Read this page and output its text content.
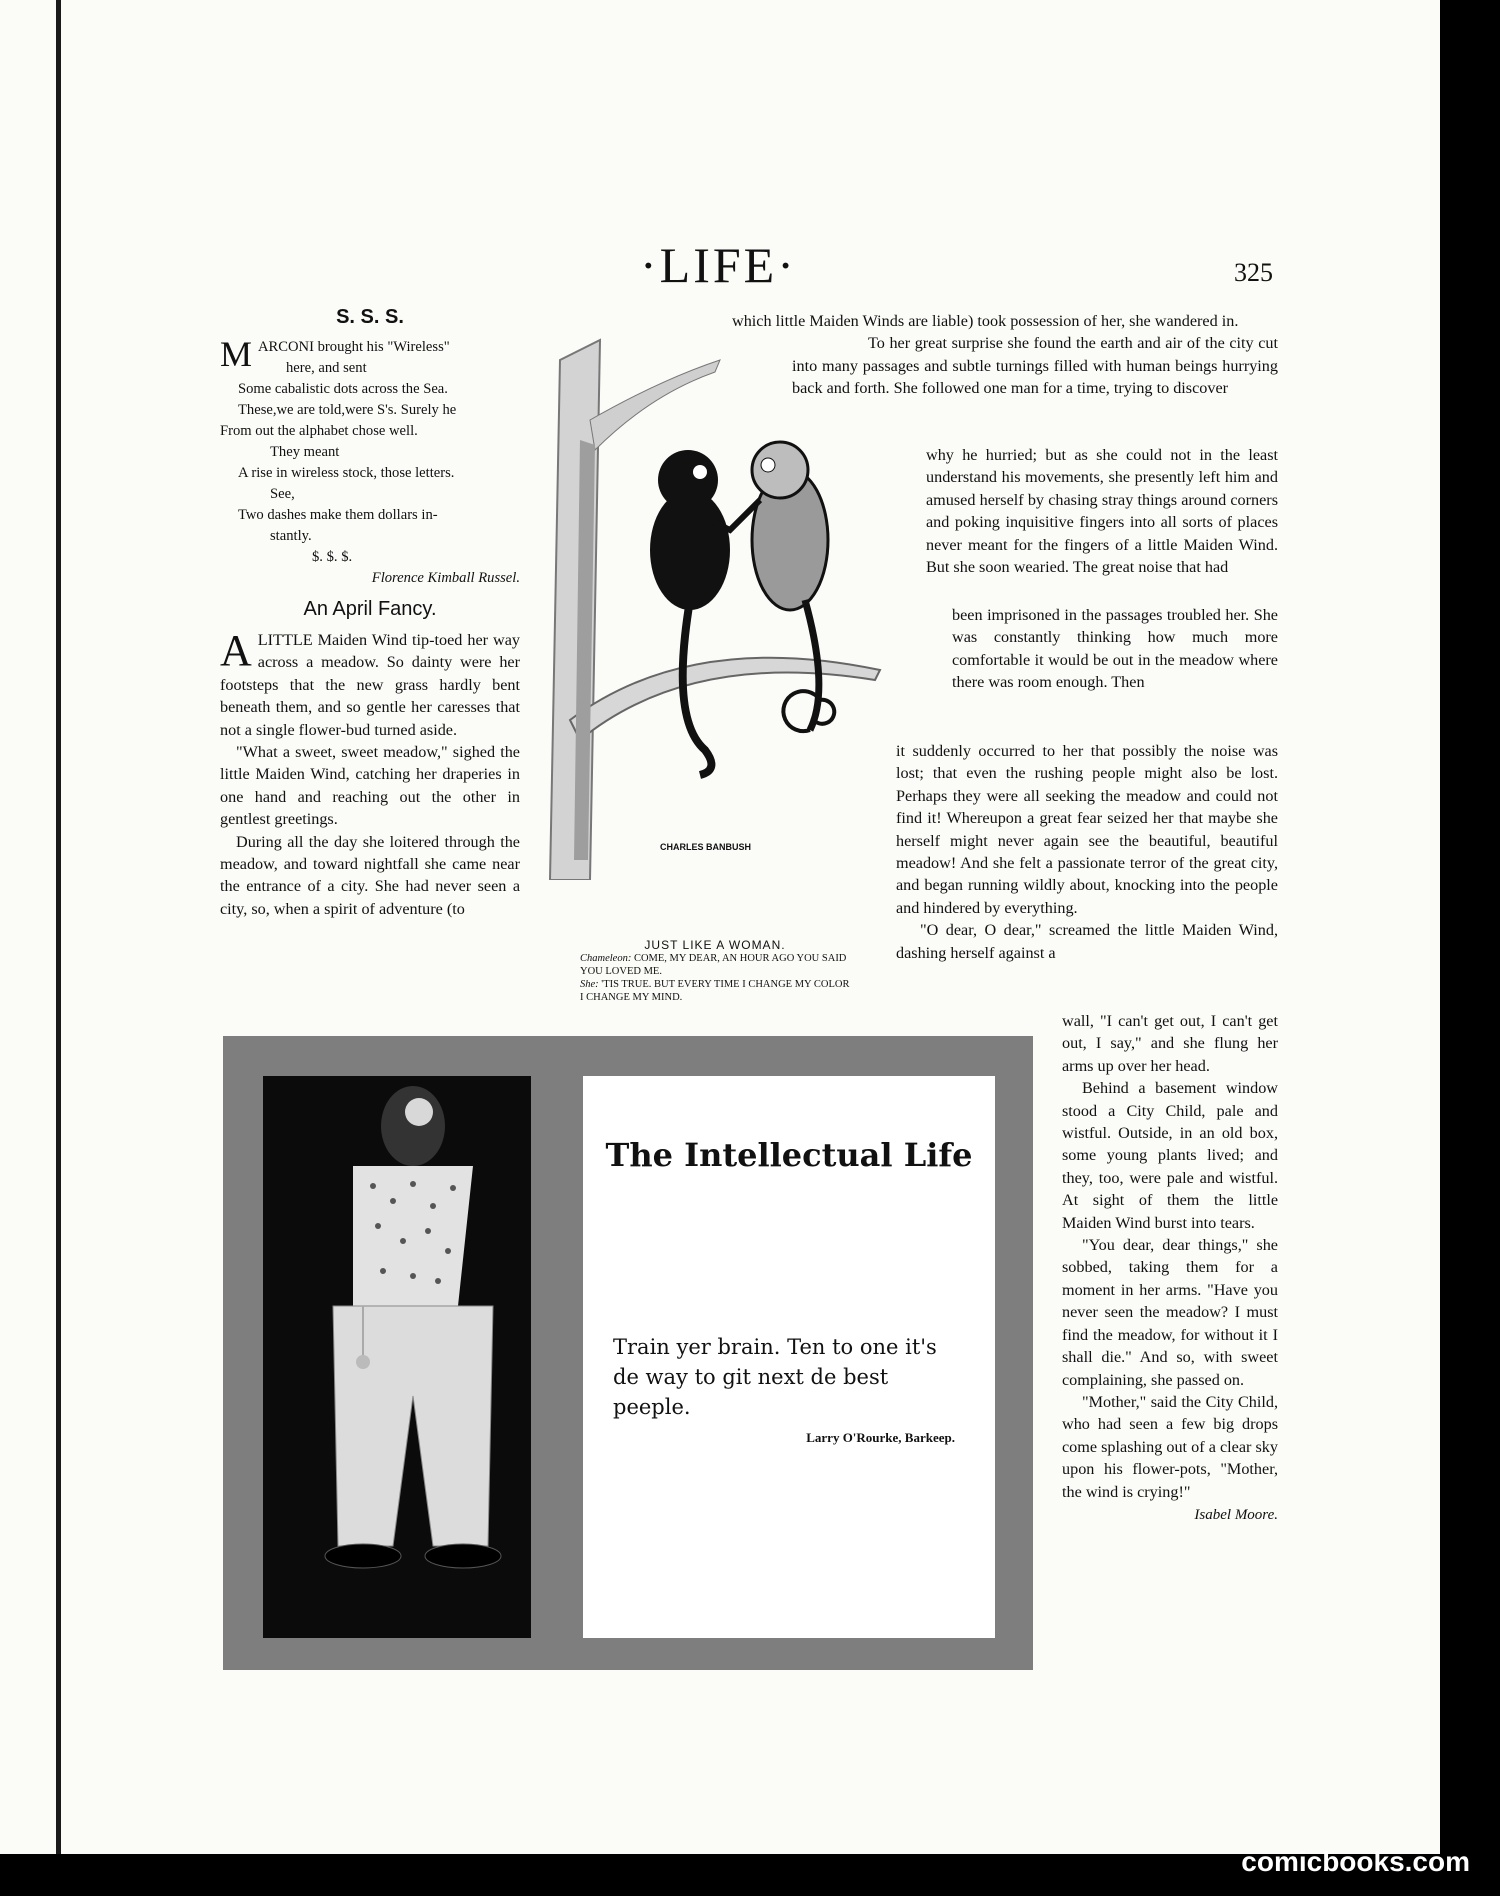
·LIFE·	325
S. S. S.
MARCONI brought his "Wireless"
here, and sent
Some cabalistic dots across the Sea.
These,we are told,were S's. Surely he
From out the alphabet chose well.
They meant
A rise in wireless stock, those letters.
See,
Two dashes make them dollars in-
stantly.
$. $. $.
Florence Kimball Russel.
An April Fancy.

ALITTLE Maiden Wind tip-toed her way across a meadow. So dainty were her footsteps that the new grass hardly bent beneath them, and so gentle her caresses that not a single flower-bud turned aside.

"What a sweet, sweet meadow," sighed the little Maiden Wind, catching her draperies in one hand and reaching out the other in gentlest greetings.

During all the day she loitered through the meadow, and toward nightfall she came near the entrance of a city. She had never seen a city, so, when a spirit of adventure (to

CHARLES BANBUSH
JUST LIKE A WOMAN.
Chameleon: COME, MY DEAR, AN HOUR AGO YOU SAID YOU LOVED ME.
She: 'TIS TRUE. BUT EVERY TIME I CHANGE MY COLOR I CHANGE MY MIND.

which little Maiden Winds are liable) took possession of her, she wandered in.

To her great surprise she found the earth and air of the city cut into many passages and subtle turnings filled with human beings hurrying back and forth. She followed one man for a time, trying to discover

why he hurried; but as she could not in the least understand his movements, she presently left him and amused herself by chasing stray things around corners and poking inquisitive fingers into all sorts of places never meant for the fingers of a little Maiden Wind. But she soon wearied. The great noise that had

been imprisoned in the passages troubled her. She was constantly thinking how much more comfortable it would be out in the meadow where there was room enough. Then

it suddenly occurred to her that possibly the noise was lost; that even the rushing people might also be lost. Perhaps they were all seeking the meadow and could not find it! Whereupon a great fear seized her that maybe she herself might never again see the beautiful, beautiful meadow! And she felt a passionate terror of the great city, and began running wildly about, knocking into the people and hindered by everything.

"O dear, O dear," screamed the little Maiden Wind, dashing herself against a

wall, "I can't get out, I can't get out, I say," and she flung her arms up over her head.

Behind a basement window stood a City Child, pale and wistful. Outside, in an old box, some young plants lived; and they, too, were pale and wistful. At sight of them the little Maiden Wind burst into tears.

"You dear, dear things," she sobbed, taking them for a moment in her arms. "Have you never seen the meadow? I must find the meadow, for without it I shall die." And so, with sweet complaining, she passed on.

"Mother," said the City Child, who had seen a few big drops come splashing out of a clear sky upon his flower-pots, "Mother, the wind is crying!"

Isabel Moore.
The Intellectual Life
Train yer brain. Ten to one it's de way to git next de best peeple.
Larry O'Rourke, Barkeep.
comicbooks.com
